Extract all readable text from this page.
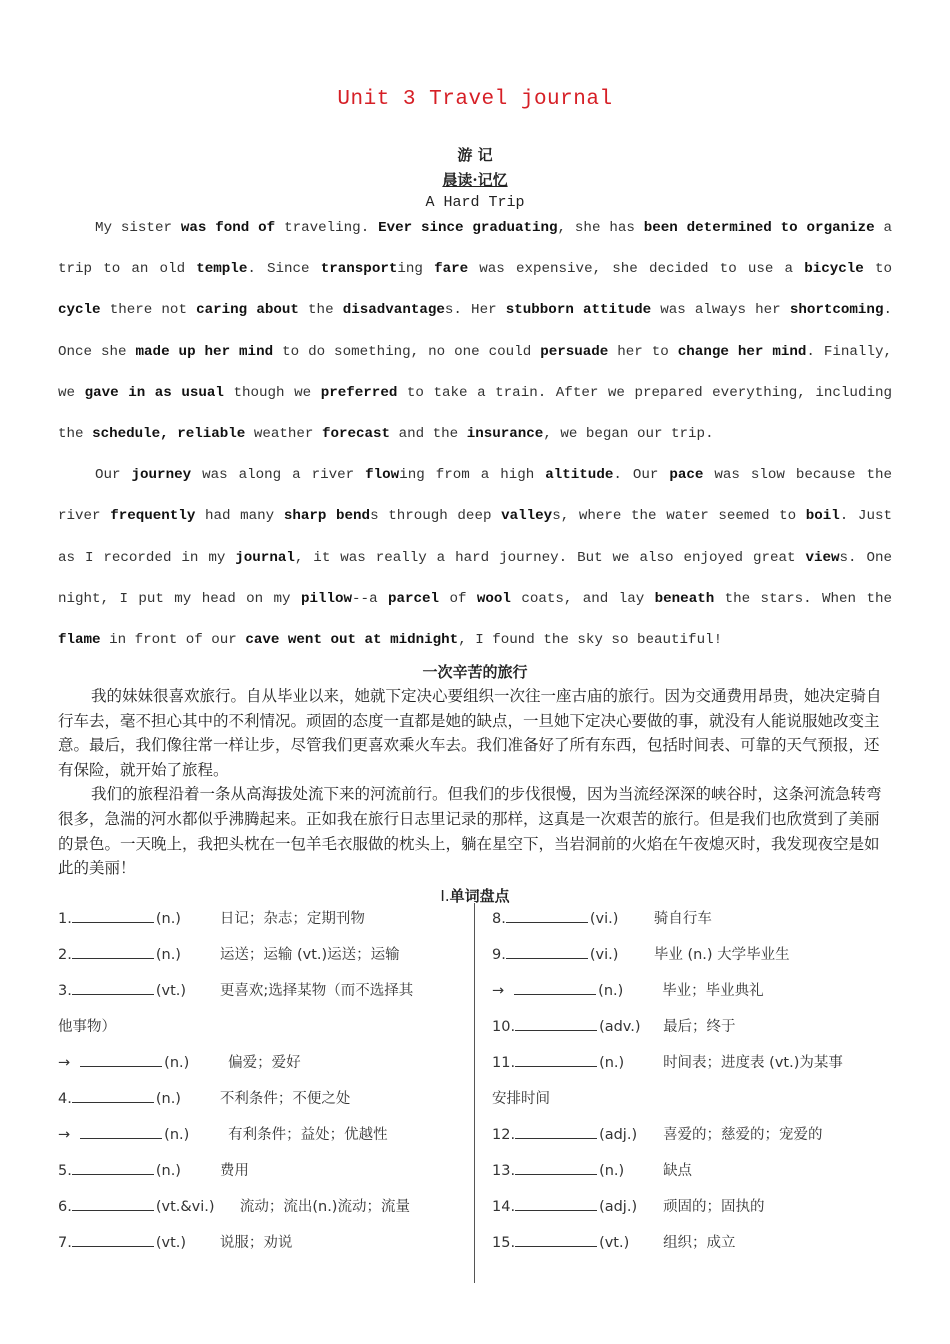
Unit 3 Travel journal
游 记
晨读·记忆
A Hard Trip

My sister was fond of traveling. Ever since graduating, she has been determined to organize a trip to an old temple. Since transporting fare was expensive, she decided to use a bicycle to cycle there not caring about the disadvantages. Her stubborn attitude was always her shortcoming. Once she made up her mind to do something, no one could persuade her to change her mind. Finally, we gave in as usual though we preferred to take a train. After we prepared everything, including the schedule, reliable weather forecast and the insurance, we began our trip.

Our journey was along a river flowing from a high altitude. Our pace was slow because the river frequently had many sharp bends through deep valleys, where the water seemed to boil. Just as I recorded in my journal, it was really a hard journey. But we also enjoyed great views. One night, I put my head on my pillow--a parcel of wool coats, and lay beneath the stars. When the flame in front of our cave went out at midnight, I found the sky so beautiful!

一次辛苦的旅行

我的妹妹很喜欢旅行。自从毕业以来，她就下定决心要组织一次往一座古庙的旅行。因为交通费用昂贵，她决定骑自行车去，毫不担心其中的不利情况。顽固的态度一直都是她的缺点，一旦她下定决心要做的事，就没有人能说服她改变主意。最后，我们像往常一样让步，尽管我们更喜欢乘火车去。我们准备好了所有东西，包括时间表、可靠的天气预报，还有保险，就开始了旅程。

我们的旅程沿着一条从高海拔处流下来的河流前行。但我们的步伐很慢，因为当流经深深的峡谷时，这条河流急转弯很多，急湍的河水都似乎沸腾起来。正如我在旅行日志里记录的那样，这真是一次艰苦的旅行。但是我们也欣赏到了美丽的景色。一天晚上，我把头枕在一包羊毛衣服做的枕头上，躺在星空下，当岩洞前的火焰在午夜熄灭时，我发现夜空是如此的美丽！

Ⅰ.单词盘点
1.	(n.)	日记；杂志；定期刊物
2.	(n.)	运送；运输 (vt.)运送；运输
3.	(vt.) 更喜欢;选择某物（而不选择其
他事物）
→	(n.)	偏爱；爱好
4.	(n.)	不利条件；不便之处
→	(n.)	有利条件；益处；优越性
5.	(n.)	费用
6.	(vt.&vi.) 流动；流出(n.)流动；流量
7.	(vt.) 说服；劝说
8.	(vi.) 骑自行车
9.	(vi.) 毕业 (n.) 大学毕业生
→	(n.)	毕业；毕业典礼
10.	(adv.) 最后；终于
11.	(n.)	时间表；进度表 (vt.)为某事
安排时间
12.	(adj.) 喜爱的；慈爱的；宠爱的
13.	(n.)	缺点
14.	(adj.) 顽固的；固执的
15.	(vt.) 组织；成立
